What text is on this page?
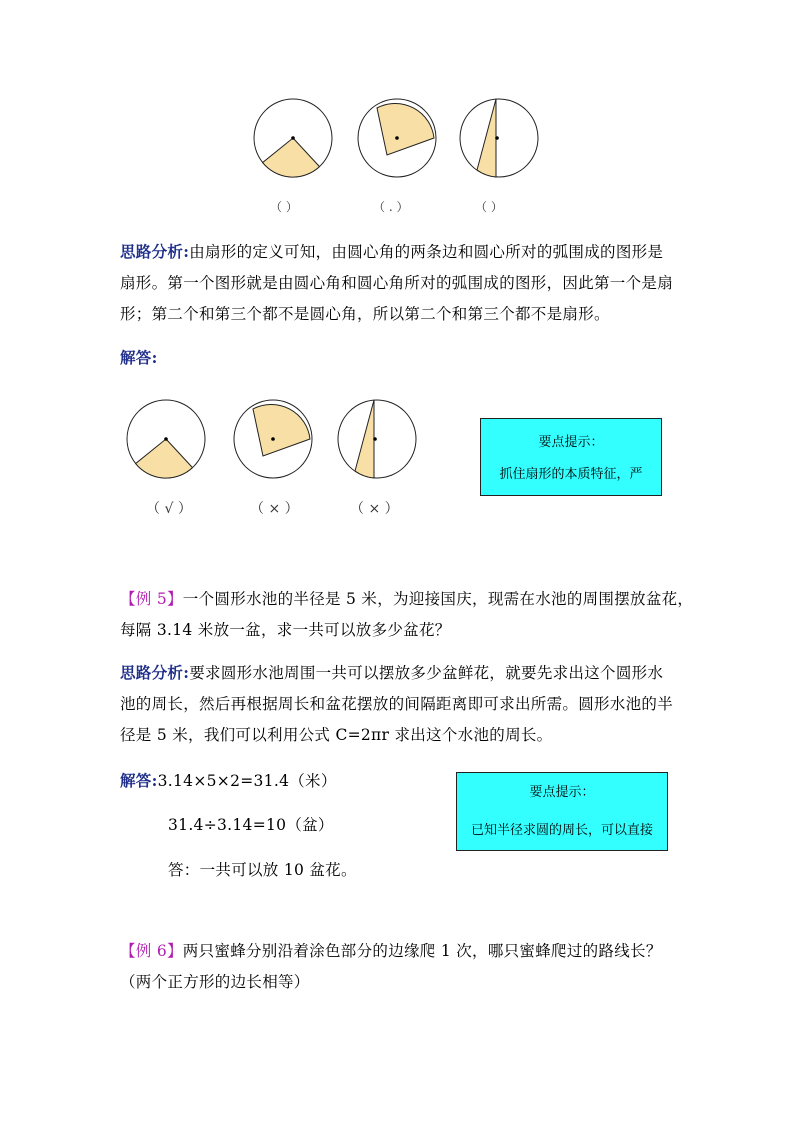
（ ）	（ . ）	（ ）
思路分析:由扇形的定义可知，由圆心角的两条边和圆心所对的弧围成的图形是
扇形。第一个图形就是由圆心角和圆心角所对的弧围成的图形，因此第一个是扇
形；第二个和第三个都不是圆心角，所以第二个和第三个都不是扇形。
解答:
（ √ ）	（ × ）	（ × ）
要点提示：
抓住扇形的本质特征，严
【例 5】一个圆形水池的半径是 5 米，为迎接国庆，现需在水池的周围摆放盆花，
每隔 3.14 米放一盆，求一共可以放多少盆花？
思路分析:要求圆形水池周围一共可以摆放多少盆鲜花，就要先求出这个圆形水
池的周长，然后再根据周长和盆花摆放的间隔距离即可求出所需。圆形水池的半
径是 5 米，我们可以利用公式 C=2πr 求出这个水池的周长。
解答:3.14×5×2=31.4（米）
31.4÷3.14=10（盆）
答：一共可以放 10 盆花。
要点提示：
已知半径求圆的周长，可以直接
【例 6】两只蜜蜂分别沿着涂色部分的边缘爬 1 次，哪只蜜蜂爬过的路线长？
（两个正方形的边长相等）
